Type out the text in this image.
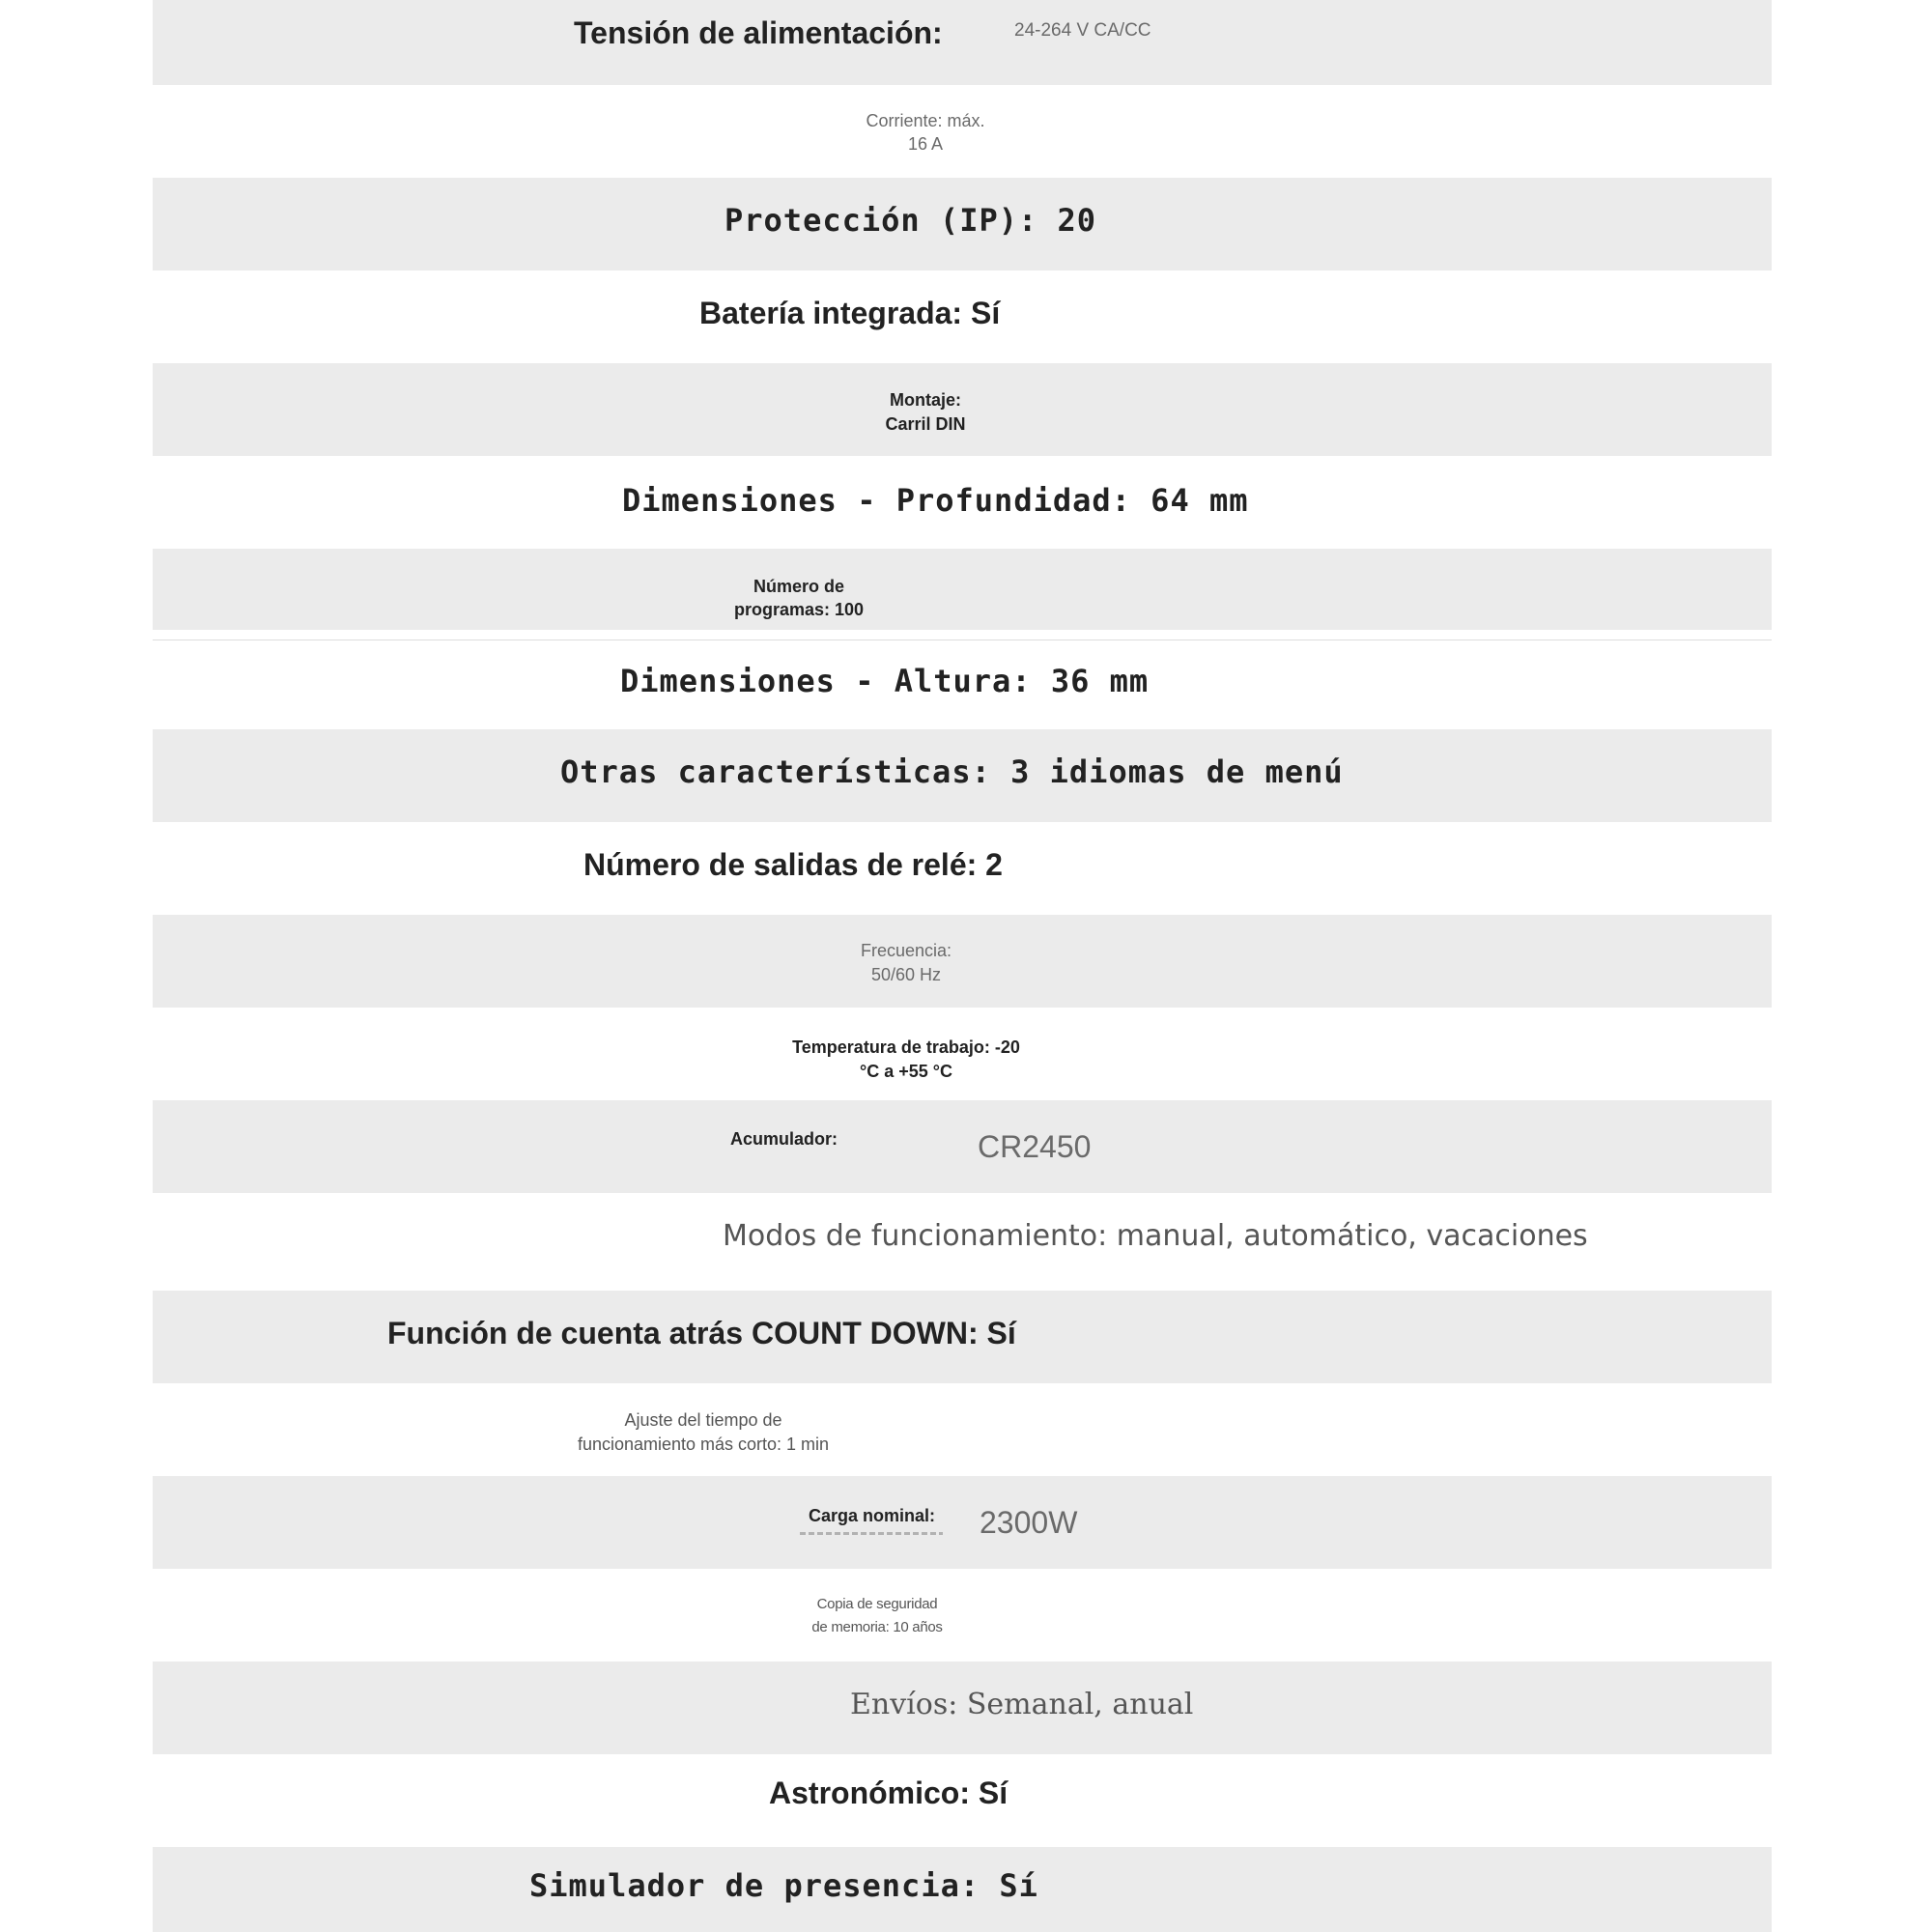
Tensión de alimentación:	24-264 V CA/CC
Corriente: máx.
16 A
Protección (IP): 20
Batería integrada: Sí
Montaje:
Carril DIN
Dimensiones - Profundidad: 64 mm
Número de
programas: 100
Dimensiones - Altura: 36 mm
Otras características: 3 idiomas de menú
Número de salidas de relé: 2
Frecuencia:
50/60 Hz
Temperatura de trabajo: -20
°C a +55 °C
Acumulador:	CR2450
Modos de funcionamiento: manual, automático, vacaciones
Función de cuenta atrás COUNT DOWN: Sí
Ajuste del tiempo de
funcionamiento más corto: 1 min
Carga nominal: 2300W
Copia de seguridad
de memoria: 10 años
Envíos: Semanal, anual
Astronómico: Sí
Simulador de presencia: Sí
